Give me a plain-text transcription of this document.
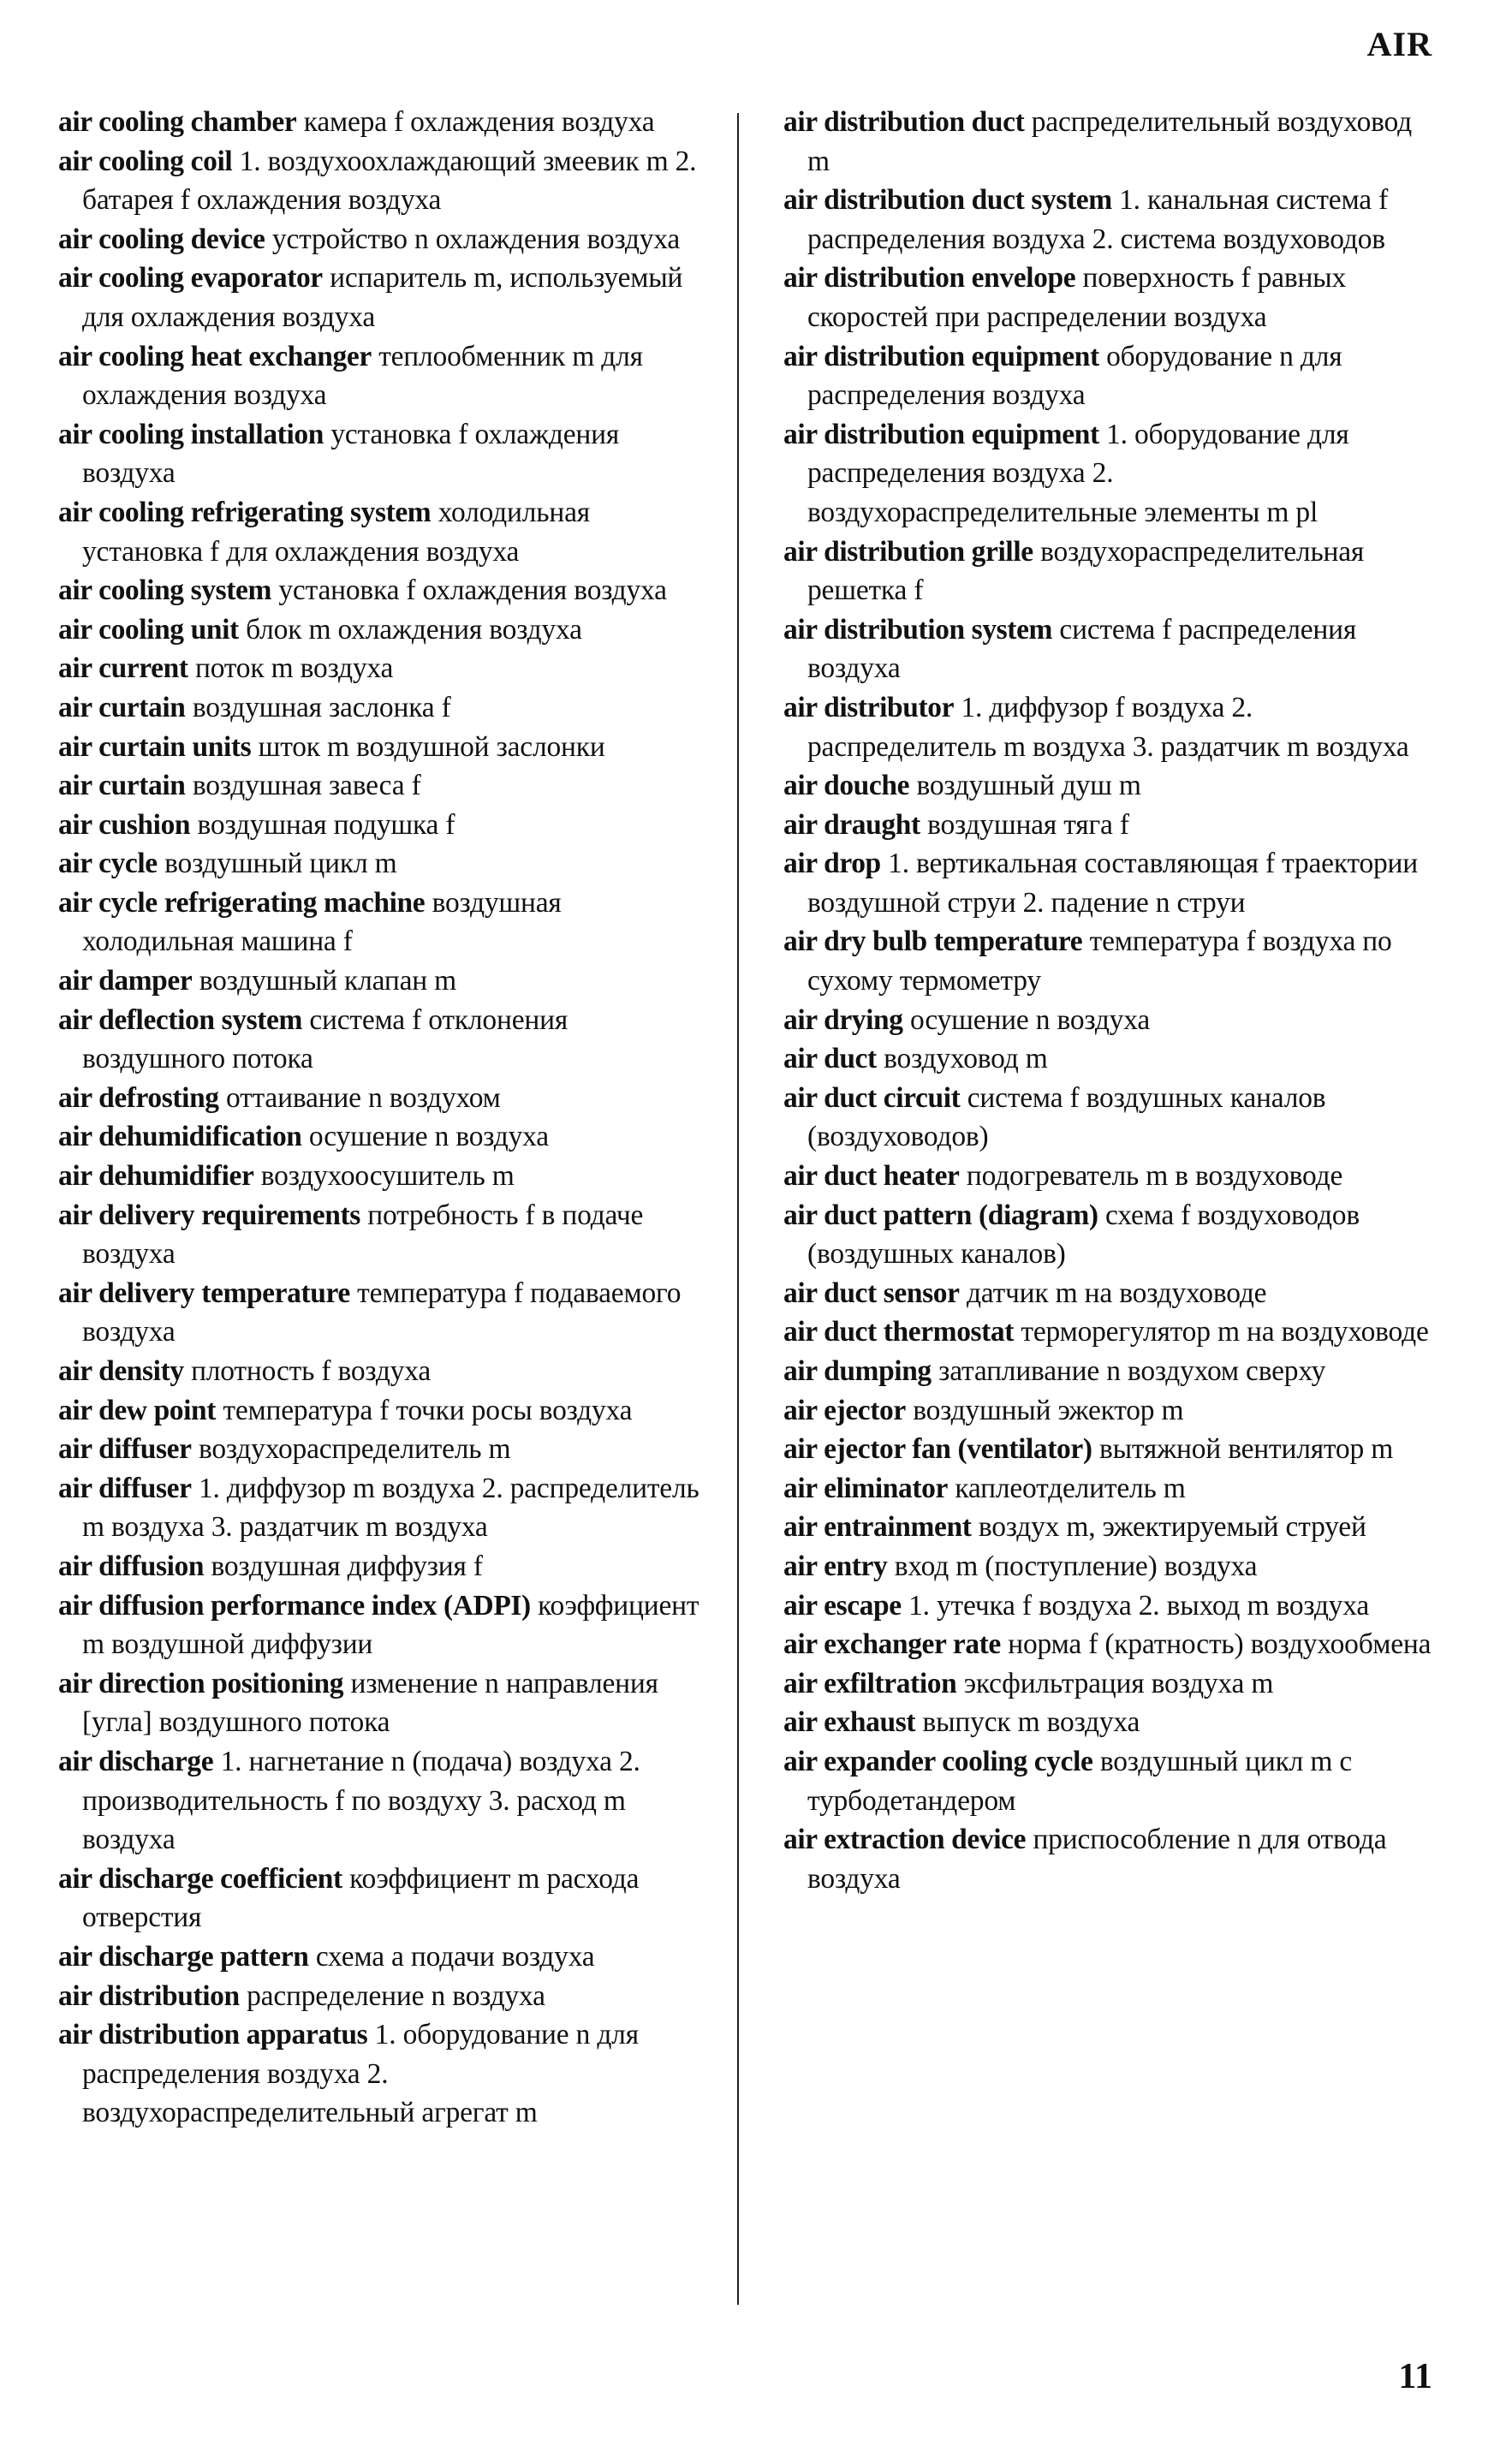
AIR

air cooling chamber камера f охлаждения воздуха

air cooling coil 1. воздухоохлаждающий змеевик m 2. батарея f охлаждения воздуха

air cooling device устройство n охлаждения воздуха

air cooling evaporator испаритель m, используемый для охлаждения воздуха

air cooling heat exchanger теплообменник m для охлаждения воздуха

air cooling installation установка f охлаждения воздуха

air cooling refrigerating system холодильная установка f для охлаждения воздуха

air cooling system установка f охлаждения воздуха

air cooling unit блок m охлаждения воздуха

air current поток m воздуха

air curtain воздушная заслонка f

air curtain units шток m воздушной заслонки

air curtain воздушная завеса f

air cushion воздушная подушка f

air cycle воздушный цикл m

air cycle refrigerating machine воздушная холодильная машина f

air damper воздушный клапан m

air deflection system система f отклонения воздушного потока

air defrosting оттаивание n воздухом

air dehumidification осушение n воздуха

air dehumidifier воздухоосушитель m

air delivery requirements потребность f в подаче воздуха

air delivery temperature температура f подаваемого воздуха

air density плотность f воздуха

air dew point температура f точки росы воздуха

air diffuser воздухораспределитель m

air diffuser 1. диффузор m воздуха 2. распределитель m воздуха 3. раздатчик m воздуха

air diffusion воздушная диффузия f

air diffusion performance index (ADPI) коэффициент m воздушной диффузии

air direction positioning изменение n направления [угла] воздушного потока

air discharge 1. нагнетание n (подача) воздуха 2. производительность f по воздуху 3. расход m воздуха

air discharge coefficient коэффициент m расхода отверстия

air discharge pattern схема a подачи воздуха

air distribution распределение n воздуха

air distribution apparatus 1. оборудование n для распределения воздуха 2. воздухораспределительный агрегат m

air distribution duct распределительный воздуховод m

air distribution duct system 1. канальная система f распределения воздуха 2. система воздуховодов

air distribution envelope поверхность f равных скоростей при распределении воздуха

air distribution equipment оборудование n для распределения воздуха

air distribution equipment 1. оборудование для распределения воздуха 2. воздухораспределительные элементы m pl

air distribution grille воздухораспределительная решетка f

air distribution system система f распределения воздуха

air distributor 1. диффузор f воздуха 2. распределитель m воздуха 3. раздатчик m воздуха

air douche воздушный душ m

air draught воздушная тяга f

air drop 1. вертикальная составляющая f траектории воздушной струи 2. падение n струи

air dry bulb temperature температура f воздуха по сухому термометру

air drying осушение n воздуха

air duct воздуховод m

air duct circuit система f воздушных каналов (воздуховодов)

air duct heater подогреватель m в воздуховоде

air duct pattern (diagram) схема f воздуховодов (воздушных каналов)

air duct sensor датчик m на воздуховоде

air duct thermostat терморегулятор m на воздуховоде

air dumping затапливание n воздухом сверху

air ejector воздушный эжектор m

air ejector fan (ventilator) вытяжной вентилятор m

air eliminator каплеотделитель m

air entrainment воздух m, эжектируемый струей

air entry вход m (поступление) воздуха

air escape 1. утечка f воздуха 2. выход m воздуха

air exchanger rate норма f (кратность) воздухообмена

air exfiltration эксфильтрация воздуха m

air exhaust выпуск m воздуха

air expander cooling cycle воздушный цикл m с турбодетандером

air extraction device приспособление n для отвода воздуха

11
